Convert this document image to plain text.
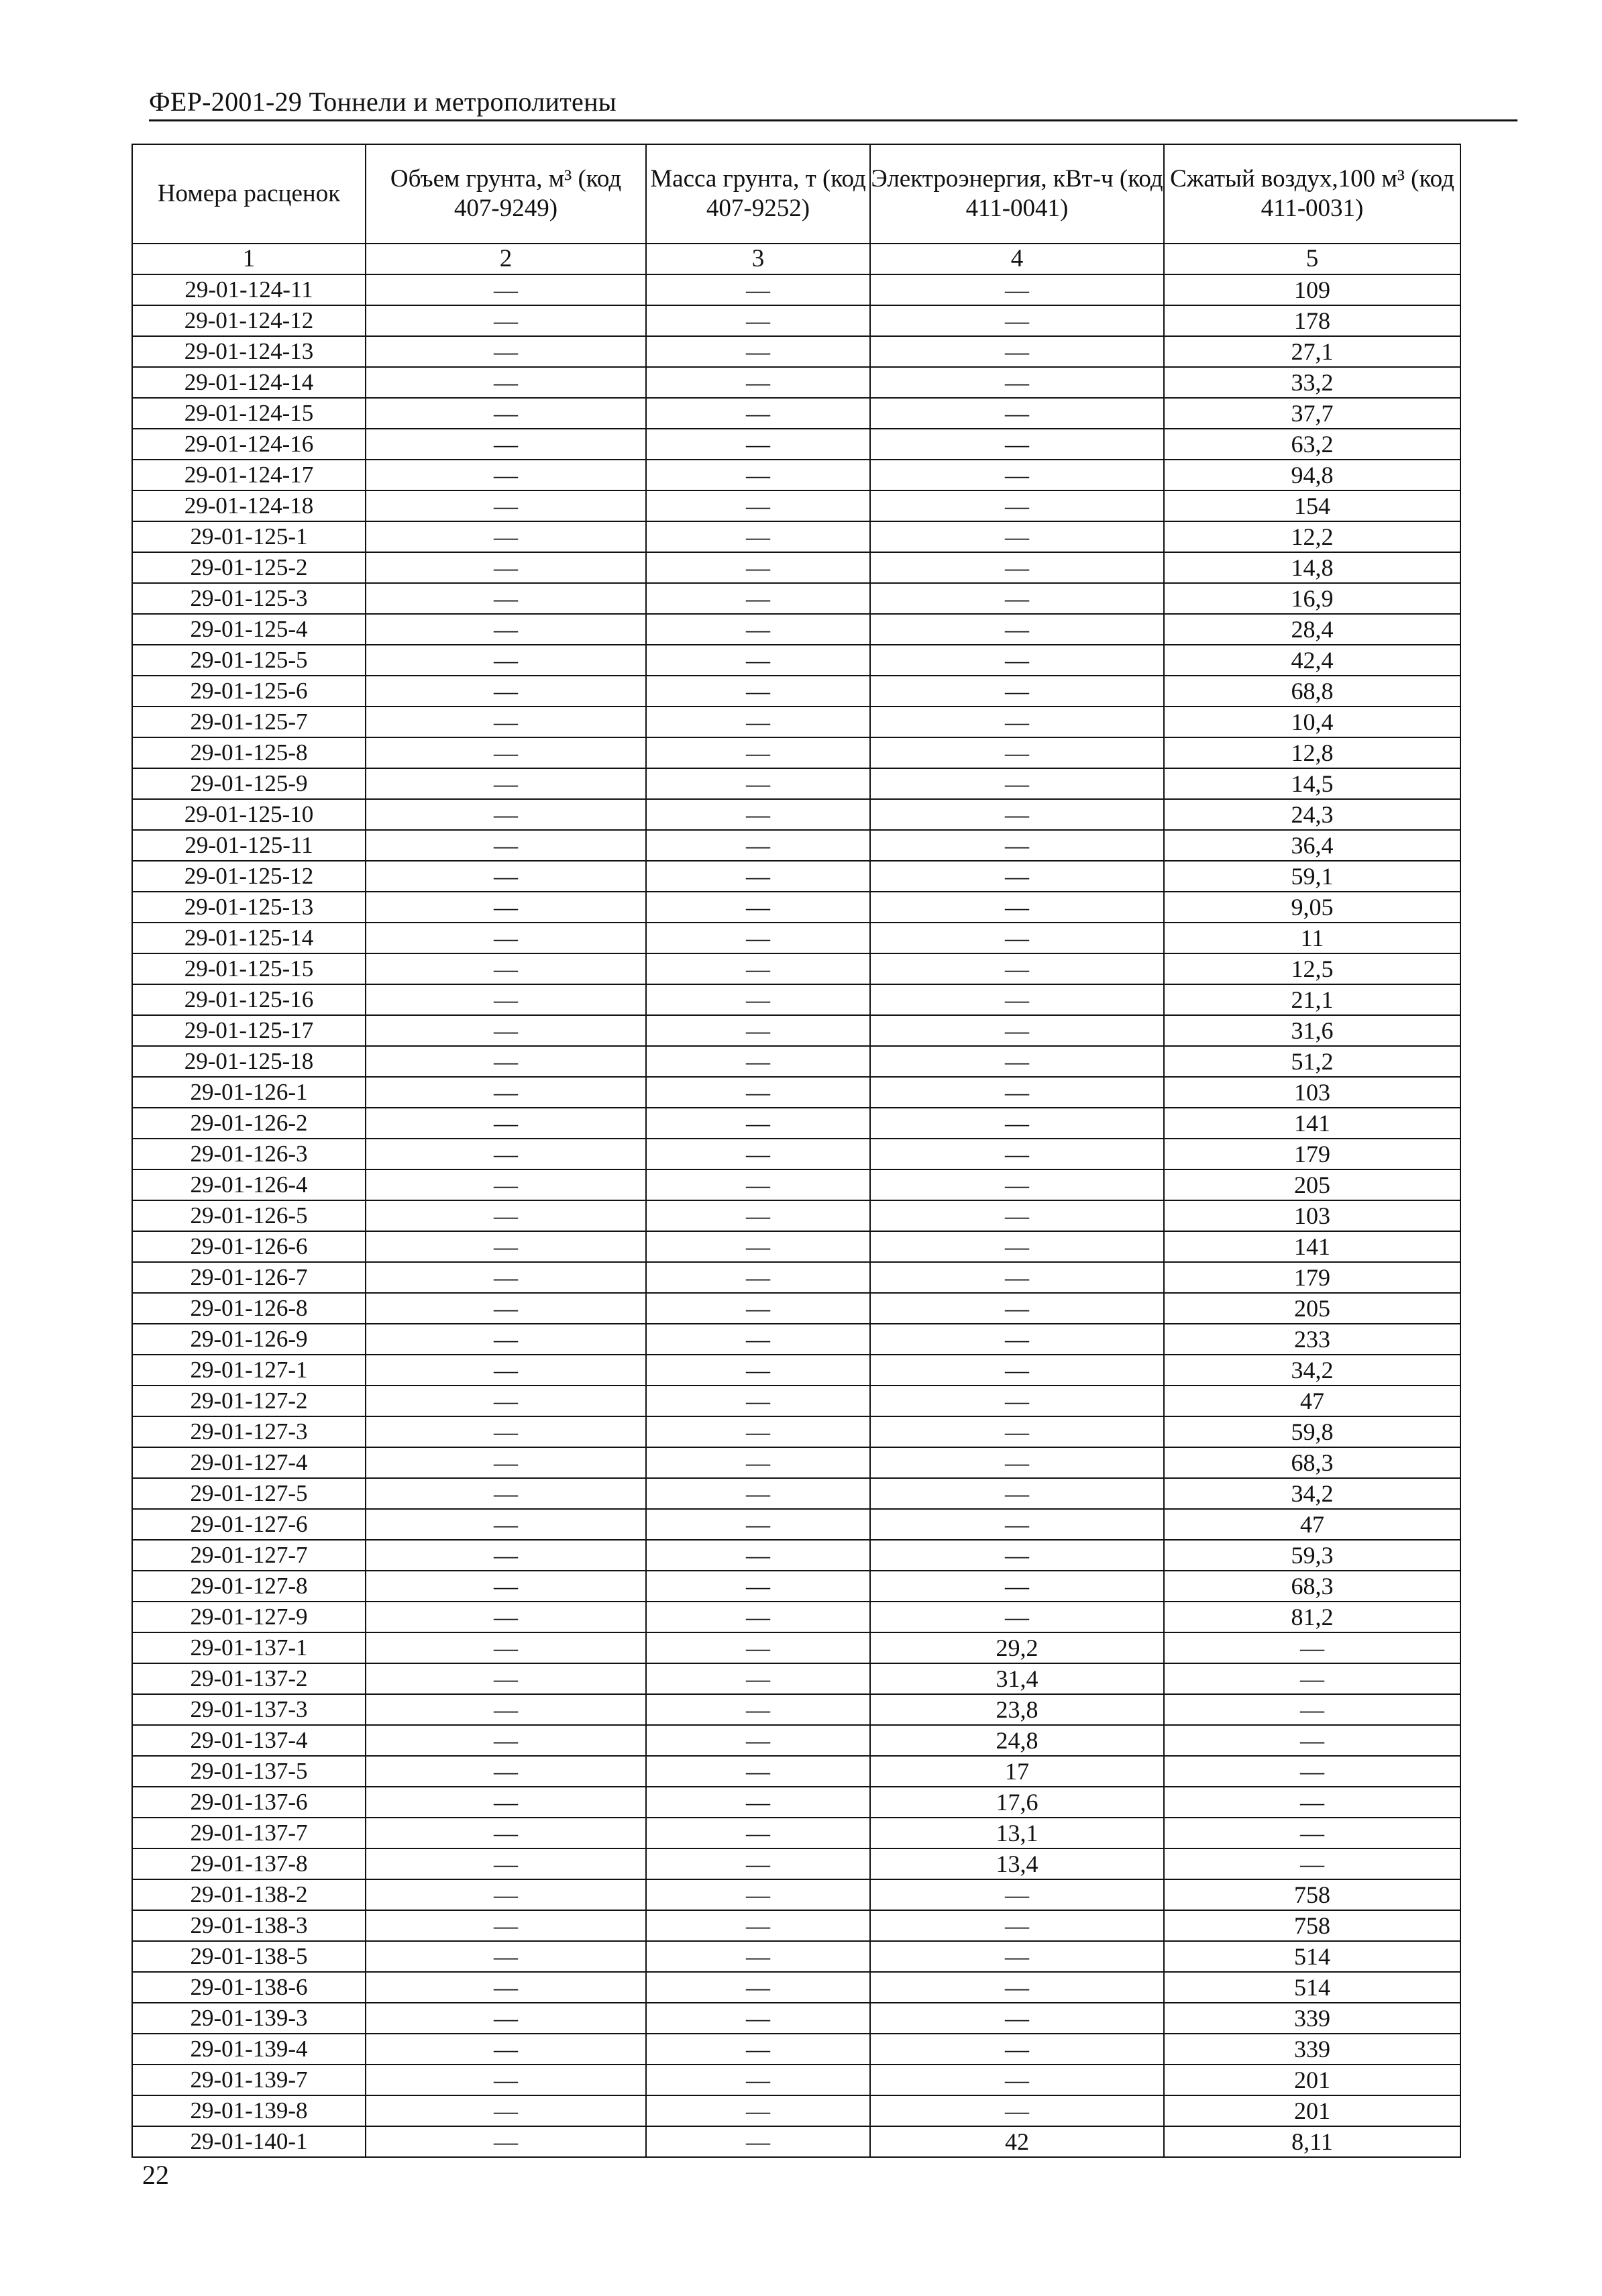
ФЕР-2001-29 Тоннели и метрополитены
Номера расценок	Объем грунта, м³ (код 407-9249)	Масса грунта, т (код 407-9252)	Электроэнергия, кВт-ч (код 411-0041)	Сжатый воздух,100 м³ (код 411-0031)
1	2	3	4	5
29-01-124-11	—	—	—	109
29-01-124-12	—	—	—	178
29-01-124-13	—	—	—	27,1
29-01-124-14	—	—	—	33,2
29-01-124-15	—	—	—	37,7
29-01-124-16	—	—	—	63,2
29-01-124-17	—	—	—	94,8
29-01-124-18	—	—	—	154
29-01-125-1	—	—	—	12,2
29-01-125-2	—	—	—	14,8
29-01-125-3	—	—	—	16,9
29-01-125-4	—	—	—	28,4
29-01-125-5	—	—	—	42,4
29-01-125-6	—	—	—	68,8
29-01-125-7	—	—	—	10,4
29-01-125-8	—	—	—	12,8
29-01-125-9	—	—	—	14,5
29-01-125-10	—	—	—	24,3
29-01-125-11	—	—	—	36,4
29-01-125-12	—	—	—	59,1
29-01-125-13	—	—	—	9,05
29-01-125-14	—	—	—	11
29-01-125-15	—	—	—	12,5
29-01-125-16	—	—	—	21,1
29-01-125-17	—	—	—	31,6
29-01-125-18	—	—	—	51,2
29-01-126-1	—	—	—	103
29-01-126-2	—	—	—	141
29-01-126-3	—	—	—	179
29-01-126-4	—	—	—	205
29-01-126-5	—	—	—	103
29-01-126-6	—	—	—	141
29-01-126-7	—	—	—	179
29-01-126-8	—	—	—	205
29-01-126-9	—	—	—	233
29-01-127-1	—	—	—	34,2
29-01-127-2	—	—	—	47
29-01-127-3	—	—	—	59,8
29-01-127-4	—	—	—	68,3
29-01-127-5	—	—	—	34,2
29-01-127-6	—	—	—	47
29-01-127-7	—	—	—	59,3
29-01-127-8	—	—	—	68,3
29-01-127-9	—	—	—	81,2
29-01-137-1	—	—	29,2	—
29-01-137-2	—	—	31,4	—
29-01-137-3	—	—	23,8	—
29-01-137-4	—	—	24,8	—
29-01-137-5	—	—	17	—
29-01-137-6	—	—	17,6	—
29-01-137-7	—	—	13,1	—
29-01-137-8	—	—	13,4	—
29-01-138-2	—	—	—	758
29-01-138-3	—	—	—	758
29-01-138-5	—	—	—	514
29-01-138-6	—	—	—	514
29-01-139-3	—	—	—	339
29-01-139-4	—	—	—	339
29-01-139-7	—	—	—	201
29-01-139-8	—	—	—	201
29-01-140-1	—	—	42	8,11
22
